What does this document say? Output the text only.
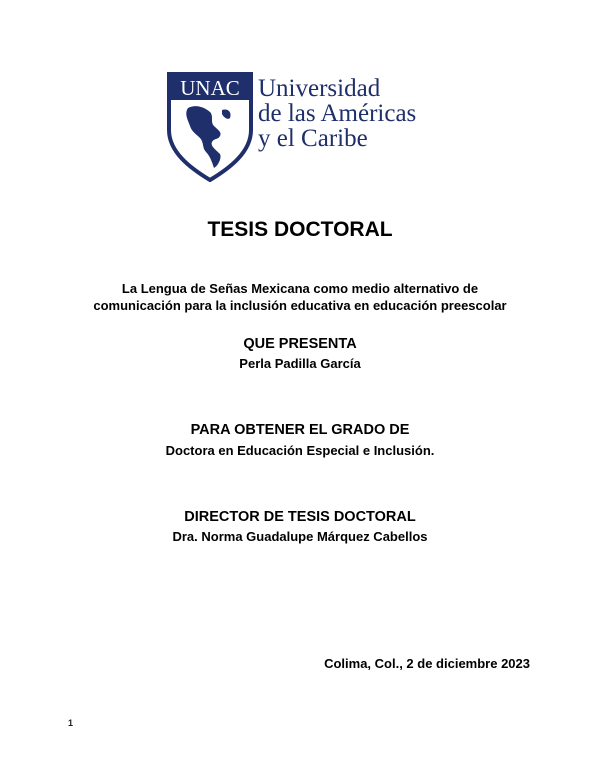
UNAC Universidad
de las Américas
y el Caribe
TESIS DOCTORAL
La Lengua de Señas Mexicana como medio alternativo de
comunicación para la inclusión educativa en educación preescolar
QUE PRESENTA
Perla Padilla García
PARA OBTENER EL GRADO DE
Doctora en Educación Especial e Inclusión.
DIRECTOR DE TESIS DOCTORAL
Dra. Norma Guadalupe Márquez Cabellos
Colima, Col., 2 de diciembre 2023
1
